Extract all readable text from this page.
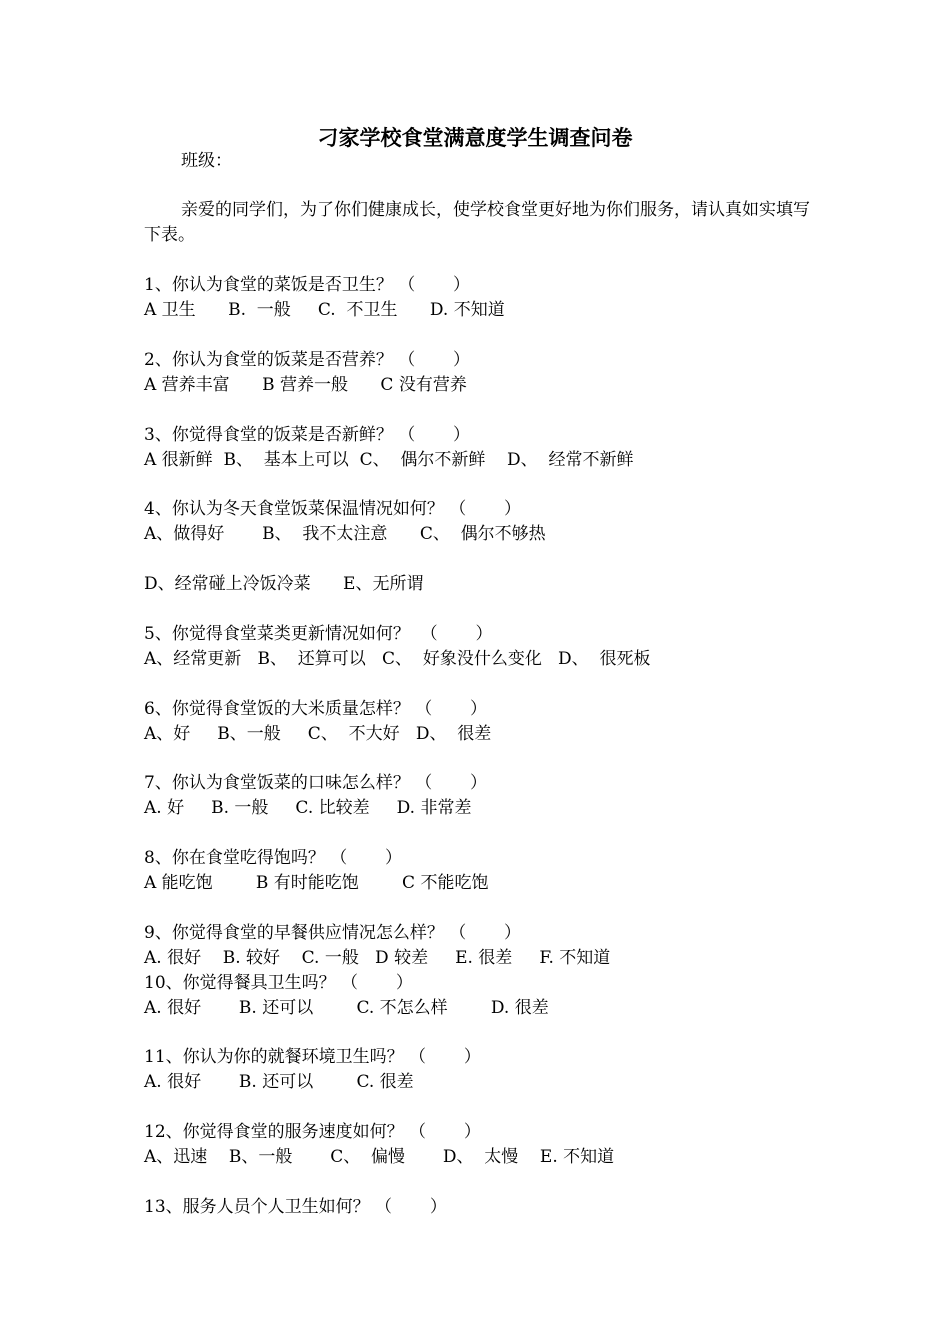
刁家学校食堂满意度学生调查问卷
班级：

亲爱的同学们，为了你们健康成长，使学校食堂更好地为你们服务，请认真如实填写下表。

1、你认为食堂的菜饭是否卫生？ （       ）
A 卫生      B.  一般     C.  不卫生      D. 不知道
2、你认为食堂的饭菜是否营养？ （       ）
A 营养丰富      B 营养一般      C 没有营养
3、你觉得食堂的饭菜是否新鲜？ （       ）
A 很新鲜  B、  基本上可以  C、  偶尔不新鲜    D、  经常不新鲜
4、你认为冬天食堂饭菜保温情况如何？ （       ）
A、做得好       B、  我不太注意      C、  偶尔不够热
D、经常碰上冷饭冷菜      E、无所谓
5、你觉得食堂菜类更新情况如何？  （       ）
A、经常更新   B、  还算可以   C、  好象没什么变化   D、  很死板
6、你觉得食堂饭的大米质量怎样？ （       ）
A、好     B、一般     C、  不大好   D、  很差
7、你认为食堂饭菜的口味怎么样？ （       ）
A. 好     B. 一般     C. 比较差     D. 非常差
8、你在食堂吃得饱吗？ （       ）
A 能吃饱        B 有时能吃饱        C 不能吃饱
9、你觉得食堂的早餐供应情况怎么样？ （       ）
A. 很好    B. 较好    C. 一般   D 较差     E. 很差     F. 不知道
10、你觉得餐具卫生吗？ （       ）
A. 很好       B. 还可以        C. 不怎么样        D. 很差
11、你认为你的就餐环境卫生吗？ （       ）
A. 很好       B. 还可以        C. 很差
12、你觉得食堂的服务速度如何？ （       ）
A、迅速    B、一般       C、  偏慢       D、  太慢    E. 不知道
13、服务人员个人卫生如何？ （       ）
